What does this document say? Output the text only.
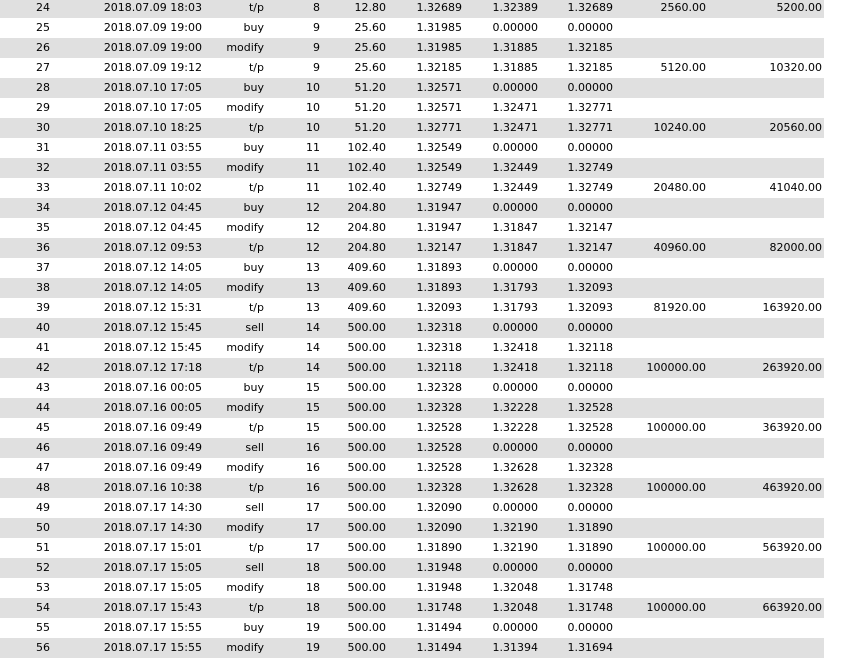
24	2018.07.09 18:03	t/p	8	12.80	1.32689	1.32389	1.32689	2560.00	5200.00
25	2018.07.09 19:00	buy	9	25.60	1.31985	0.00000	0.00000
26	2018.07.09 19:00	modify	9	25.60	1.31985	1.31885	1.32185
27	2018.07.09 19:12	t/p	9	25.60	1.32185	1.31885	1.32185	5120.00	10320.00
28	2018.07.10 17:05	buy	10	51.20	1.32571	0.00000	0.00000
29	2018.07.10 17:05	modify	10	51.20	1.32571	1.32471	1.32771
30	2018.07.10 18:25	t/p	10	51.20	1.32771	1.32471	1.32771	10240.00	20560.00
31	2018.07.11 03:55	buy	11	102.40	1.32549	0.00000	0.00000
32	2018.07.11 03:55	modify	11	102.40	1.32549	1.32449	1.32749
33	2018.07.11 10:02	t/p	11	102.40	1.32749	1.32449	1.32749	20480.00	41040.00
34	2018.07.12 04:45	buy	12	204.80	1.31947	0.00000	0.00000
35	2018.07.12 04:45	modify	12	204.80	1.31947	1.31847	1.32147
36	2018.07.12 09:53	t/p	12	204.80	1.32147	1.31847	1.32147	40960.00	82000.00
37	2018.07.12 14:05	buy	13	409.60	1.31893	0.00000	0.00000
38	2018.07.12 14:05	modify	13	409.60	1.31893	1.31793	1.32093
39	2018.07.12 15:31	t/p	13	409.60	1.32093	1.31793	1.32093	81920.00	163920.00
40	2018.07.12 15:45	sell	14	500.00	1.32318	0.00000	0.00000
41	2018.07.12 15:45	modify	14	500.00	1.32318	1.32418	1.32118
42	2018.07.12 17:18	t/p	14	500.00	1.32118	1.32418	1.32118	100000.00	263920.00
43	2018.07.16 00:05	buy	15	500.00	1.32328	0.00000	0.00000
44	2018.07.16 00:05	modify	15	500.00	1.32328	1.32228	1.32528
45	2018.07.16 09:49	t/p	15	500.00	1.32528	1.32228	1.32528	100000.00	363920.00
46	2018.07.16 09:49	sell	16	500.00	1.32528	0.00000	0.00000
47	2018.07.16 09:49	modify	16	500.00	1.32528	1.32628	1.32328
48	2018.07.16 10:38	t/p	16	500.00	1.32328	1.32628	1.32328	100000.00	463920.00
49	2018.07.17 14:30	sell	17	500.00	1.32090	0.00000	0.00000
50	2018.07.17 14:30	modify	17	500.00	1.32090	1.32190	1.31890
51	2018.07.17 15:01	t/p	17	500.00	1.31890	1.32190	1.31890	100000.00	563920.00
52	2018.07.17 15:05	sell	18	500.00	1.31948	0.00000	0.00000
53	2018.07.17 15:05	modify	18	500.00	1.31948	1.32048	1.31748
54	2018.07.17 15:43	t/p	18	500.00	1.31748	1.32048	1.31748	100000.00	663920.00
55	2018.07.17 15:55	buy	19	500.00	1.31494	0.00000	0.00000
56	2018.07.17 15:55	modify	19	500.00	1.31494	1.31394	1.31694
